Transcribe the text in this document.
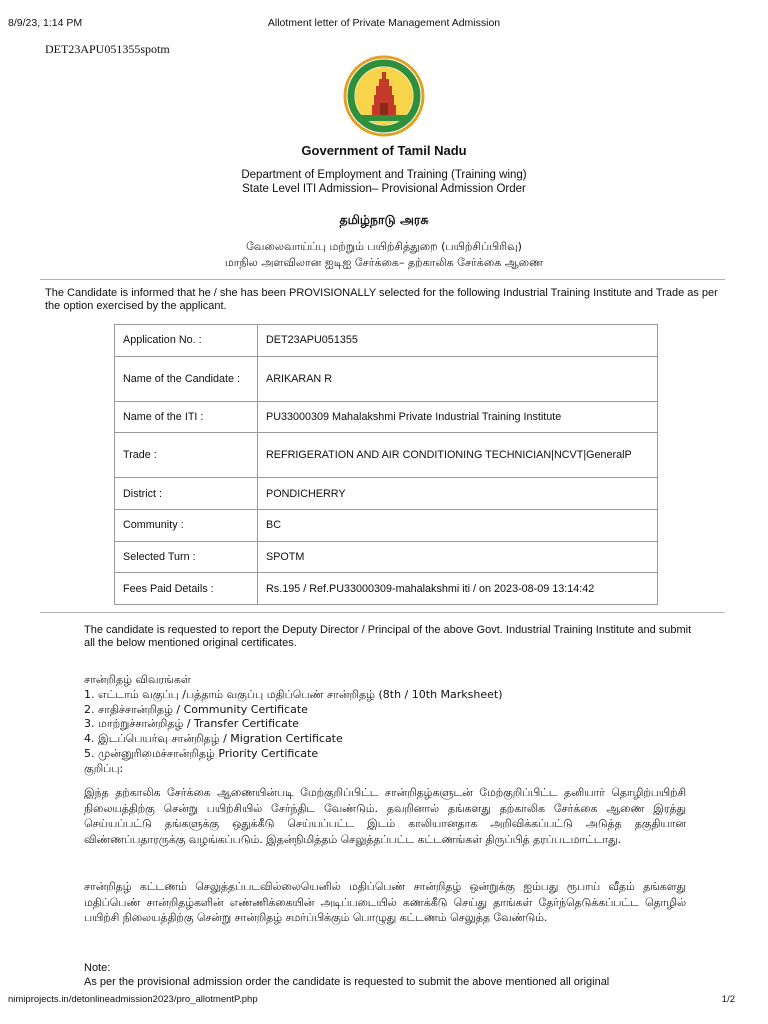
8/9/23, 1:14 PM	Allotment letter of Private Management Admission
DET23APU051355spotm
Government of Tamil Nadu
Department of Employment and Training (Training wing)
State Level ITI Admission– Provisional Admission Order
தமிழ்நாடு அரசு
வேலைவாய்ப்பு மற்றும் பயிற்சித்துறை (பயிற்சிப்பிரிவு)
மாநில அளவிலான ஐடிஐ சேர்க்கை– தற்காலிக சேர்க்கை ஆணை
The Candidate is informed that he / she has been PROVISIONALLY selected for the following Industrial Training Institute and Trade as per the option exercised by the applicant.
Application No. :	DET23APU051355
Name of the Candidate :	ARIKARAN R
Name of the ITI :	PU33000309 Mahalakshmi Private Industrial Training Institute
Trade :	REFRIGERATION AND AIR CONDITIONING TECHNICIAN|NCVT|GeneralP
District :	PONDICHERRY
Community :	BC
Selected Turn :	SPOTM
Fees Paid Details :	Rs.195 / Ref.PU33000309-mahalakshmi iti / on 2023-08-09 13:14:42
The candidate is requested to report the Deputy Director / Principal of the above Govt. Industrial Training Institute and submit all the below mentioned original certificates.
சான்றிதழ் விவரங்கள்
1. எட்டாம் வகுப்பு /பத்தாம் வகுப்பு மதிப்பெண் சான்றிதழ் (8th / 10th Marksheet)
2. சாதிச்சான்றிதழ் / Community Certificate
3. மாற்றுச்சான்றிதழ் / Transfer Certificate
4. இடப்பெயர்வு சான்றிதழ் / Migration Certificate
5. முன்னுரிமைச்சான்றிதழ் Priority Certificate
குறிப்பு:
இந்த தற்காலிக சேர்க்கை ஆணையின்படி மேற்குறிப்பிட்ட சான்றிதழ்களுடன் மேற்குறிப்பிட்ட தனியார் தொழிற்பயிற்சி நிலையத்திற்கு சென்று பயிற்சியில் சேர்ந்திட வேண்டும். தவறினால் தங்களது தற்காலிக சேர்க்கை ஆணை இரத்து செய்யப்பட்டு தங்களுக்கு ஒதுக்கீடு செய்யப்பட்ட இடம் காலியானதாக அறிவிக்கப்பட்டு அடுத்த தகுதியான விண்ணப்பதாரருக்கு வழங்கப்படும். இதன்நிமித்தம் செலுத்தப்பட்ட கட்டணங்கள் திருப்பித் தரப்படமாட்டாது.
சான்றிதழ் கட்டணம் செலுத்தப்படவில்லையெனில் மதிப்பெண் சான்றிதழ் ஒன்றுக்கு ஐம்பது ரூபாய் வீதம் தங்களது மதிப்பெண் சான்றிதழ்களின் எண்ணிக்கையின் அடிப்படையில் கணக்கீடு செய்து தாங்கள் தேர்ந்தெடுக்கப்பட்ட தொழில் பயிற்சி நிலையத்திற்கு சென்று சான்றிதழ் சமர்ப்பிக்கும் பொழுது கட்டணம் செலுத்த வேண்டும்.
Note:
As per the provisional admission order the candidate is requested to submit the above mentioned all original
nimiprojects.in/detonlineadmission2023/pro_allotmentP.php	1/2
